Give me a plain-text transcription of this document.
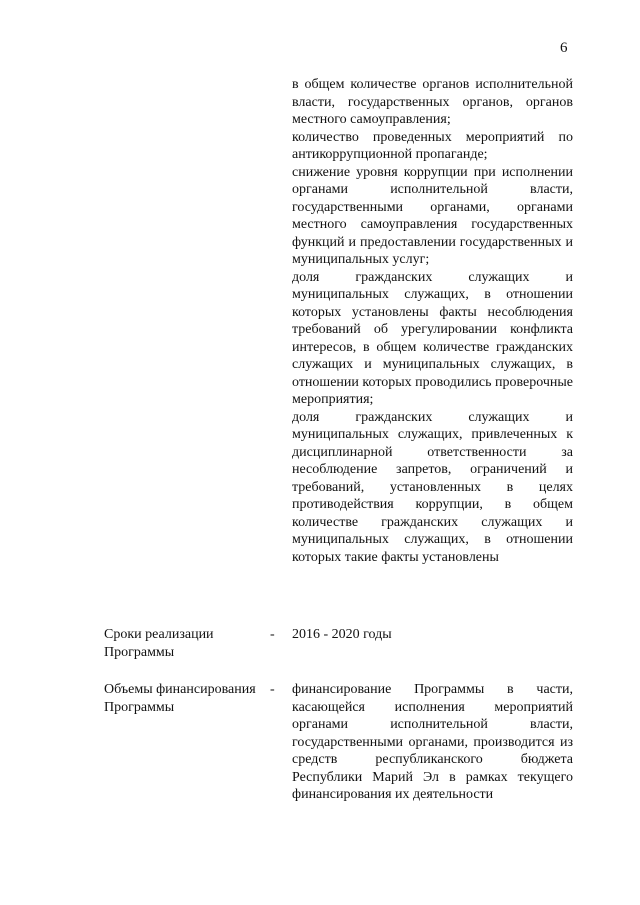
6

в общем количестве органов исполнительной власти, государственных органов, органов местного самоуправления;

количество проведенных мероприятий по антикоррупционной пропаганде;

снижение уровня коррупции при исполнении органами исполнительной власти, государственными органами, органами местного самоуправления государственных функций и предоставлении государственных и муниципальных услуг;

доля гражданских служащих и муниципальных служащих, в отношении которых установлены факты несоблюдения требований об урегулировании конфликта интересов, в общем количестве гражданских служащих и муниципальных служащих, в отношении которых проводились проверочные мероприятия;

доля гражданских служащих и муниципальных служащих, привлеченных к дисциплинарной ответственности за несоблюдение запретов, ограничений и требований, установленных в целях противодействия коррупции, в общем количестве гражданских служащих и муниципальных служащих, в отношении которых такие факты установлены

Сроки реализации Программы

- 2016 - 2020 годы

Объемы финансирования Программы

- финансирование Программы в части, касающейся исполнения мероприятий органами исполнительной власти, государственными органами, производится из средств республиканского бюджета Республики Марий Эл в рамках текущего финансирования их деятельности
